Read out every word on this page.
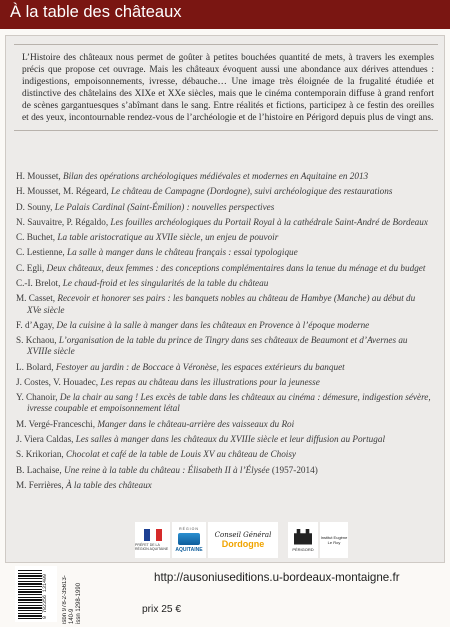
À la table des châteaux
L’Histoire des châteaux nous permet de goûter à petites bouchées quantité de mets, à travers les exemples précis que propose cet ouvrage. Mais les châteaux évoquent aussi une abondance aux dérives attendues : indigestions, empoisonnements, ivresse, débauche… Une image très éloignée de la frugalité étudiée et distinctive des châtelains des XIXe et XXe siècles, mais que le cinéma contemporain diffuse à grand renfort de scènes gargantuesques s’abîmant dans le sang. Entre réalités et fictions, participez à ce festin des oreilles et des yeux, incontournable rendez-vous de l’archéologie et de l’histoire en Périgord depuis plus de vingt ans.
H. Mousset, Bilan des opérations archéologiques médiévales et modernes en Aquitaine en 2013
H. Mousset, M. Régeard, Le château de Campagne (Dordogne), suivi archéologique des restaurations
D. Souny, Le Palais Cardinal (Saint-Émilion) : nouvelles perspectives
N. Sauvaitre, P. Régaldo, Les fouilles archéologiques du Portail Royal à la cathédrale Saint-André de Bordeaux
C. Buchet, La table aristocratique au XVIIe siècle, un enjeu de pouvoir
C. Lestienne, La salle à manger dans le château français : essai typologique
C. Egli, Deux châteaux, deux femmes : des conceptions complémentaires dans la tenue du ménage et du budget
C.-I. Brelot, Le chaud-froid et les singularités de la table du château
M. Casset, Recevoir et honorer ses pairs : les banquets nobles au château de Hambye (Manche) au début du XVe siècle
F. d’Agay, De la cuisine à la salle à manger dans les châteaux en Provence à l’époque moderne
S. Kchaou, L’organisation de la table du prince de Tingry dans ses châteaux de Beaumont et d’Avernes au XVIIIe siècle
L. Bolard, Festoyer au jardin : de Boccace à Véronèse, les espaces extérieurs du banquet
J. Costes, V. Houadec, Les repas au château dans les illustrations pour la jeunesse
Y. Chanoir, De la chair au sang ! Les excès de table dans les châteaux au cinéma : démesure, indigestion sévère, ivresse coupable et empoisonnement létal
M. Vergé-Franceschi, Manger dans le château-arrière des vaisseaux du Roi
J. Viera Caldas, Les salles à manger dans les châteaux du XVIIIe siècle et leur diffusion au Portugal
S. Krikorian, Chocolat et café de la table de Louis XV au château de Choisy
B. Lachaise, Une reine à la table du château : Élisabeth II à l’Élysée (1957-2014)
M. Ferrières, À la table des châteaux
9 782356 131409	isbn 978-2-35613-140-9
issn 1298-1990
PRÉFET DE LA RÉGION AQUITAINE
RÉGION
AQUITAINE
Conseil Général
Dordogne	PÉRIGORD
Institut Eugène Le Roy
http://ausoniuseditions.u-bordeaux-montaigne.fr
prix 25 €
